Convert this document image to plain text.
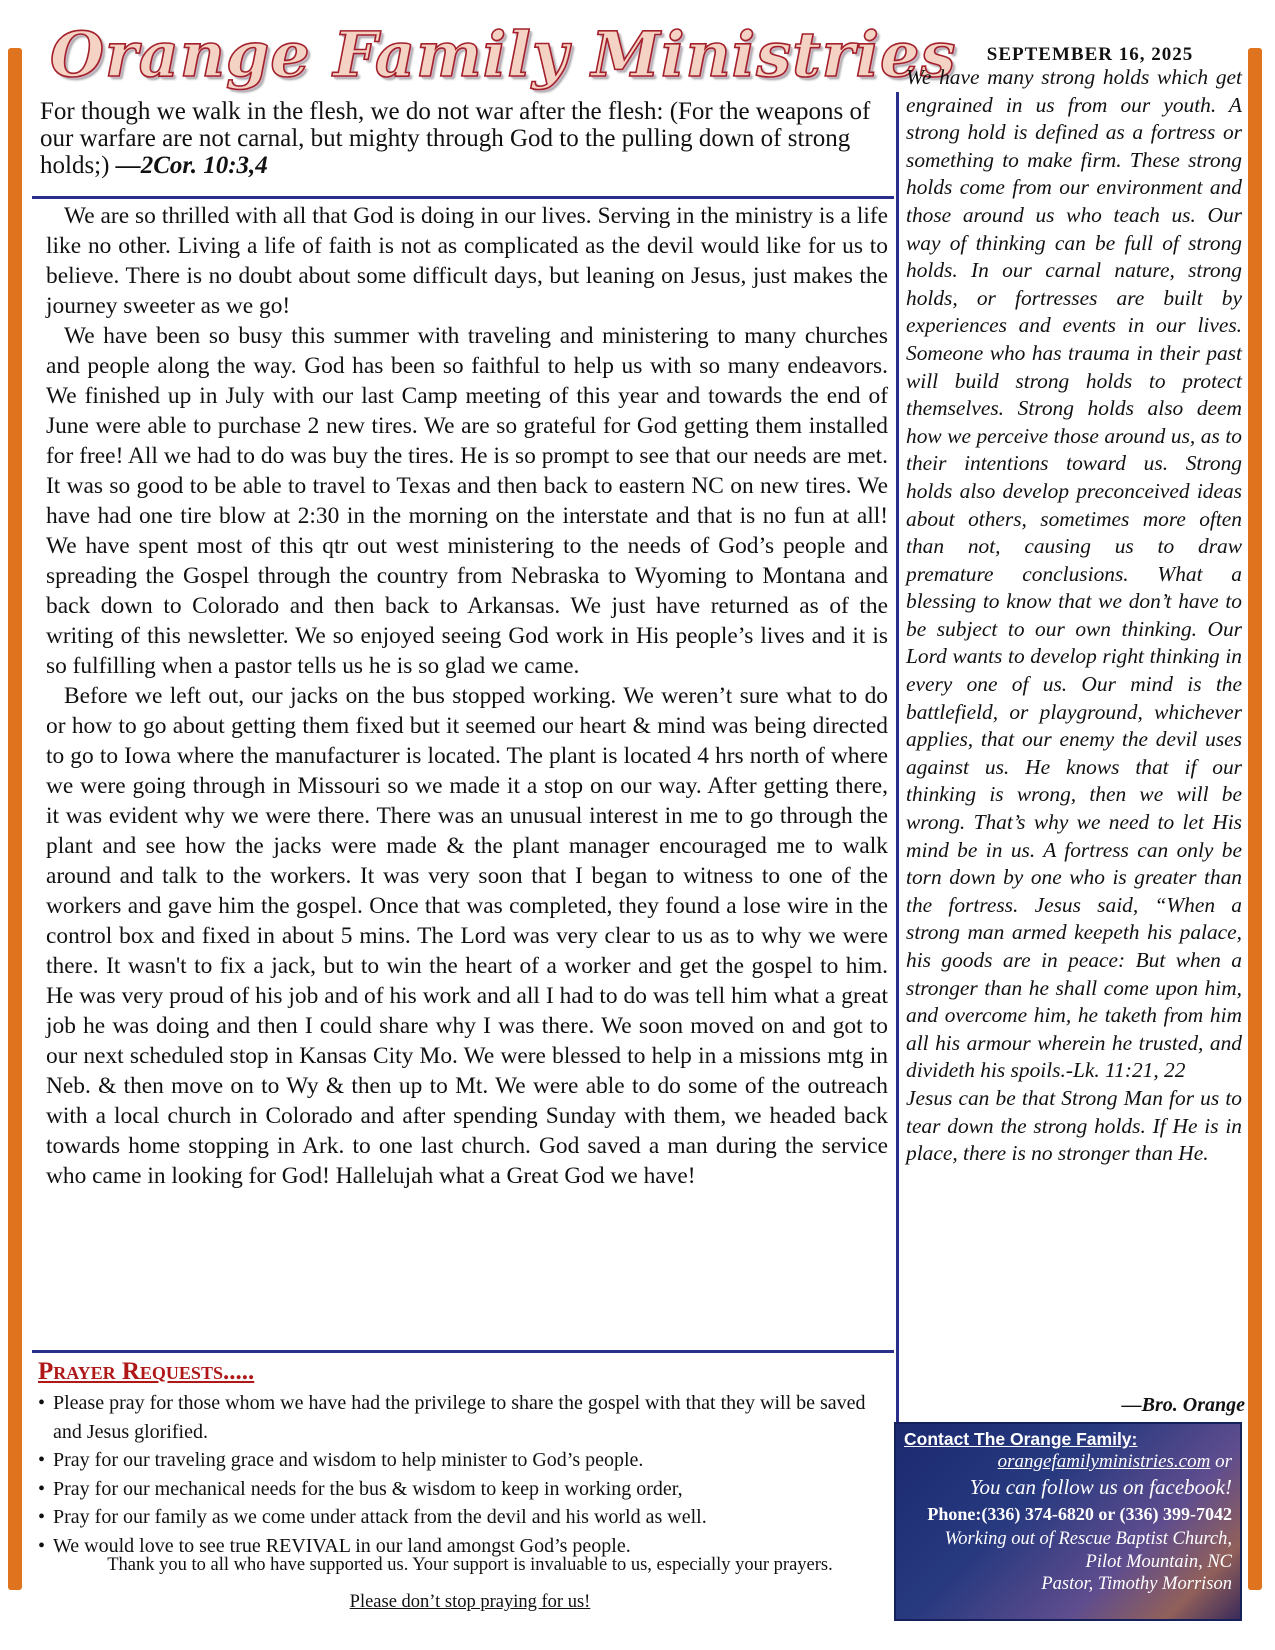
Orange Family Ministries	SEPTEMBER 16, 2025
For though we walk in the flesh, we do not war after the flesh: (For the weapons of our warfare are not carnal, but mighty through God to the pulling down of strong holds;) —2Cor. 10:3,4

We are so thrilled with all that God is doing in our lives. Serving in the ministry is a life like no other. Living a life of faith is not as complicated as the devil would like for us to believe. There is no doubt about some difficult days, but leaning on Jesus, just makes the journey sweeter as we go!

We have been so busy this summer with traveling and ministering to many churches and people along the way. God has been so faithful to help us with so many endeavors. We finished up in July with our last Camp meeting of this year and towards the end of June were able to purchase 2 new tires. We are so grateful for God getting them installed for free! All we had to do was buy the tires. He is so prompt to see that our needs are met. It was so good to be able to travel to Texas and then back to eastern NC on new tires. We have had one tire blow at 2:30 in the morning on the interstate and that is no fun at all! We have spent most of this qtr out west ministering to the needs of God’s people and spreading the Gospel through the country from Nebraska to Wyoming to Montana and back down to Colorado and then back to Arkansas. We just have returned as of the writing of this newsletter. We so enjoyed seeing God work in His people’s lives and it is so fulfilling when a pastor tells us he is so glad we came.

Before we left out, our jacks on the bus stopped working. We weren’t sure what to do or how to go about getting them fixed but it seemed our heart & mind was being directed to go to Iowa where the manufacturer is located. The plant is located 4 hrs north of where we were going through in Missouri so we made it a stop on our way. After getting there, it was evident why we were there. There was an unusual interest in me to go through the plant and see how the jacks were made & the plant manager encouraged me to walk around and talk to the workers. It was very soon that I began to witness to one of the workers and gave him the gospel. Once that was completed, they found a lose wire in the control box and fixed in about 5 mins. The Lord was very clear to us as to why we were there. It wasn't to fix a jack, but to win the heart of a worker and get the gospel to him. He was very proud of his job and of his work and all I had to do was tell him what a great job he was doing and then I could share why I was there. We soon moved on and got to our next scheduled stop in Kansas City Mo. We were blessed to help in a missions mtg in Neb. & then move on to Wy & then up to Mt. We were able to do some of the outreach with a local church in Colorado and after spending Sunday with them, we headed back towards home stopping in Ark. to one last church. God saved a man during the service who came in looking for God! Hallelujah what a Great God we have!

Prayer Requests.....
• Please pray for those whom we have had the privilege to share the gospel with that they will be saved and Jesus glorified.
• Pray for our traveling grace and wisdom to help minister to God’s people.
• Pray for our mechanical needs for the bus & wisdom to keep in working order,
• Pray for our family as we come under attack from the devil and his world as well.
• We would love to see true REVIVAL in our land amongst God’s people.
Thank you to all who have supported us. Your support is invaluable to us, especially your prayers.
Please don’t stop praying for us!
We have many strong holds which get engrained in us from our youth. A strong hold is defined as a fortress or something to make firm. These strong holds come from our environment and those around us who teach us. Our way of thinking can be full of strong holds. In our carnal nature, strong holds, or fortresses are built by experiences and events in our lives. Someone who has trauma in their past will build strong holds to protect themselves. Strong holds also deem how we perceive those around us, as to their intentions toward us. Strong holds also develop preconceived ideas about others, sometimes more often than not, causing us to draw premature conclusions. What a blessing to know that we don’t have to be subject to our own thinking. Our Lord wants to develop right thinking in every one of us. Our mind is the battlefield, or playground, whichever applies, that our enemy the devil uses against us. He knows that if our thinking is wrong, then we will be wrong. That’s why we need to let His mind be in us. A fortress can only be torn down by one who is greater than the fortress. Jesus said, “When a strong man armed keepeth his palace, his goods are in peace: But when a stronger than he shall come upon him, and overcome him, he taketh from him all his armour wherein he trusted, and divideth his spoils.-Lk. 11:21, 22
Jesus can be that Strong Man for us to tear down the strong holds. If He is in place, there is no stronger than He.
—Bro. Orange
Contact The Orange Family:
orangefamilyministries.com or
You can follow us on facebook!
Phone:(336) 374-6820 or (336) 399-7042
Working out of Rescue Baptist Church,
Pilot Mountain, NC
Pastor, Timothy Morrison
